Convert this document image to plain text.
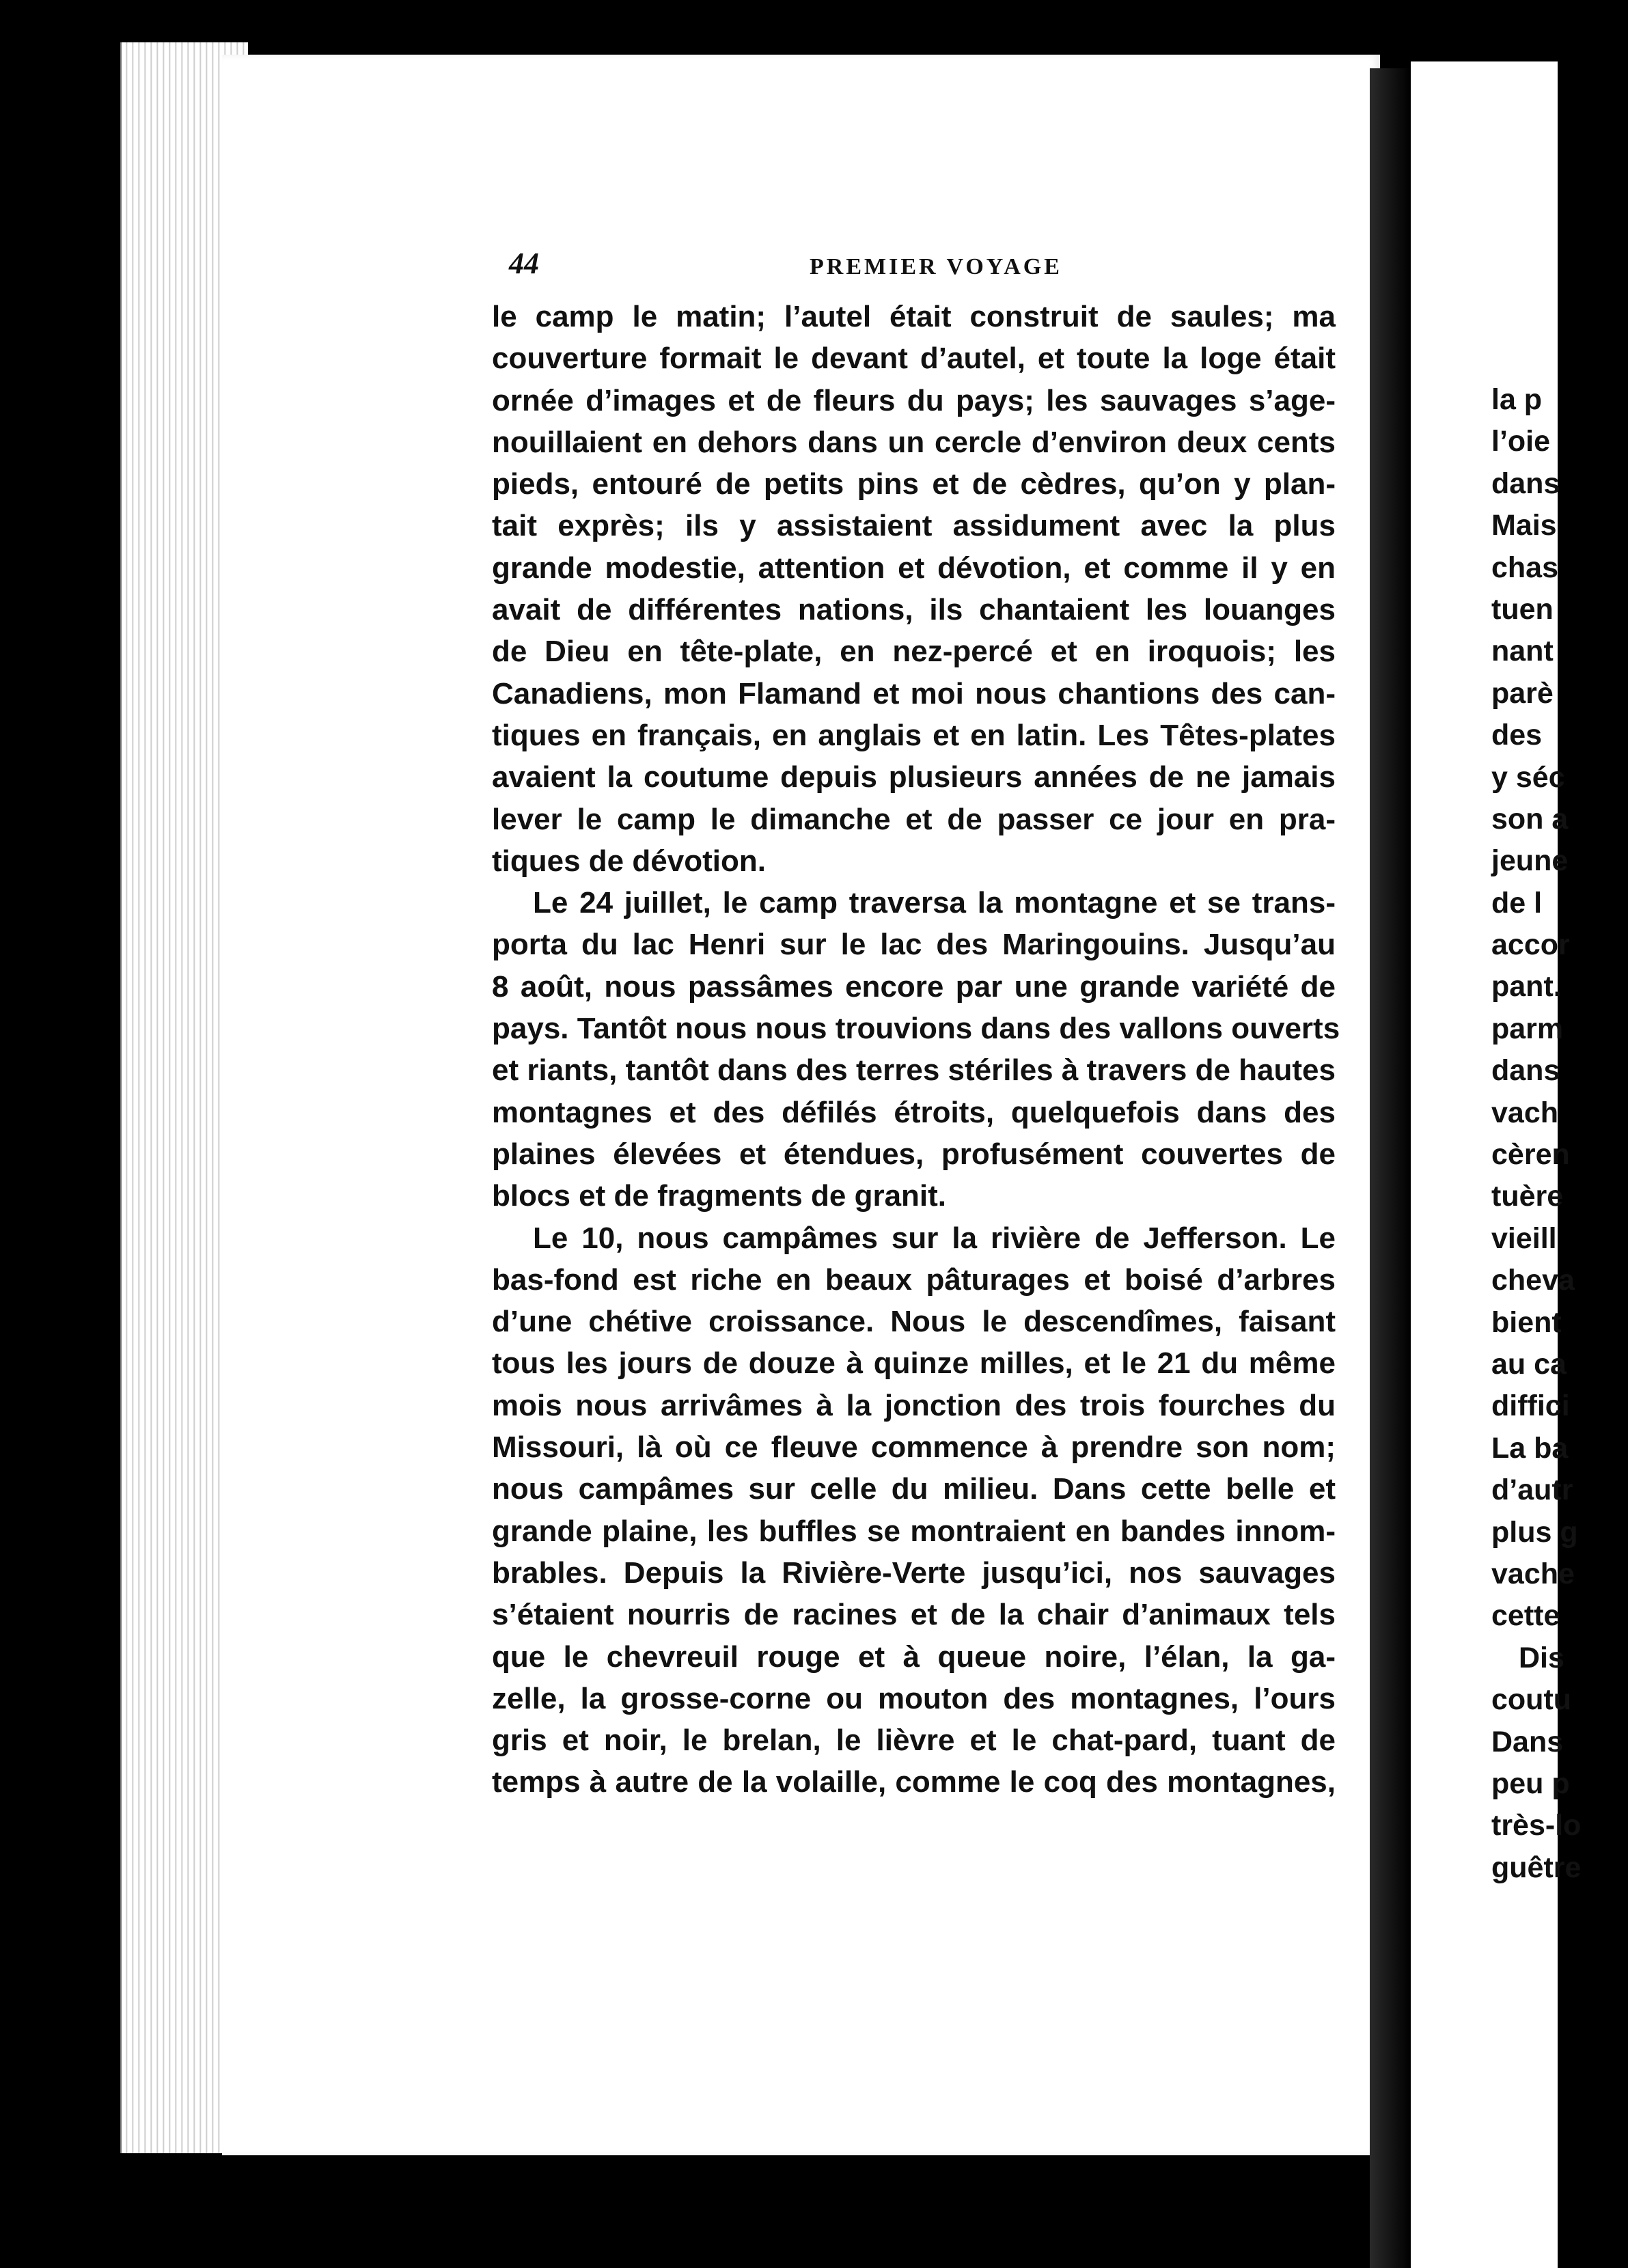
44	PREMIER VOYAGE
le camp le matin; l’autel était construit de saules; ma
couverture formait le devant d’autel, et toute la loge était
ornée d’images et de fleurs du pays; les sauvages s’age-
nouillaient en dehors dans un cercle d’environ deux cents
pieds, entouré de petits pins et de cèdres, qu’on y plan-
tait exprès; ils y assistaient assidument avec la plus
grande modestie, attention et dévotion, et comme il y en
avait de différentes nations, ils chantaient les louanges
de Dieu en tête-plate, en nez-percé et en iroquois; les
Canadiens, mon Flamand et moi nous chantions des can-
tiques en français, en anglais et en latin. Les Têtes-plates
avaient la coutume depuis plusieurs années de ne jamais
lever le camp le dimanche et de passer ce jour en pra-
tiques de dévotion.
Le 24 juillet, le camp traversa la montagne et se trans-
porta du lac Henri sur le lac des Maringouins. Jusqu’au
8 août, nous passâmes encore par une grande variété de
pays. Tantôt nous nous trouvions dans des vallons ouverts
et riants, tantôt dans des terres stériles à travers de hautes
montagnes et des défilés étroits, quelquefois dans des
plaines élevées et étendues, profusément couvertes de
blocs et de fragments de granit.
Le 10, nous campâmes sur la rivière de Jefferson. Le
bas-fond est riche en beaux pâturages et boisé d’arbres
d’une chétive croissance. Nous le descendîmes, faisant
tous les jours de douze à quinze milles, et le 21 du même
mois nous arrivâmes à la jonction des trois fourches du
Missouri, là où ce fleuve commence à prendre son nom;
nous campâmes sur celle du milieu. Dans cette belle et
grande plaine, les buffles se montraient en bandes innom-
brables. Depuis la Rivière-Verte jusqu’ici, nos sauvages
s’étaient nourris de racines et de la chair d’animaux tels
que le chevreuil rouge et à queue noire, l’élan, la ga-
zelle, la grosse-corne ou mouton des montagnes, l’ours
gris et noir, le brelan, le lièvre et le chat-pard, tuant de
temps à autre de la volaille, comme le coq des montagnes,
la p
l’oie
dans
Mais
chas
tuen
nant
parè
des
y séc
son a
jeune
de l
accor
pant.
parm
dans
vach
cèren
tuère
vieill
cheva
bient
au ca
diffici
La ba
d’autr
plus g
vache
cette
Dis
coutu
Dans
peu p
très-lo
guêtre
